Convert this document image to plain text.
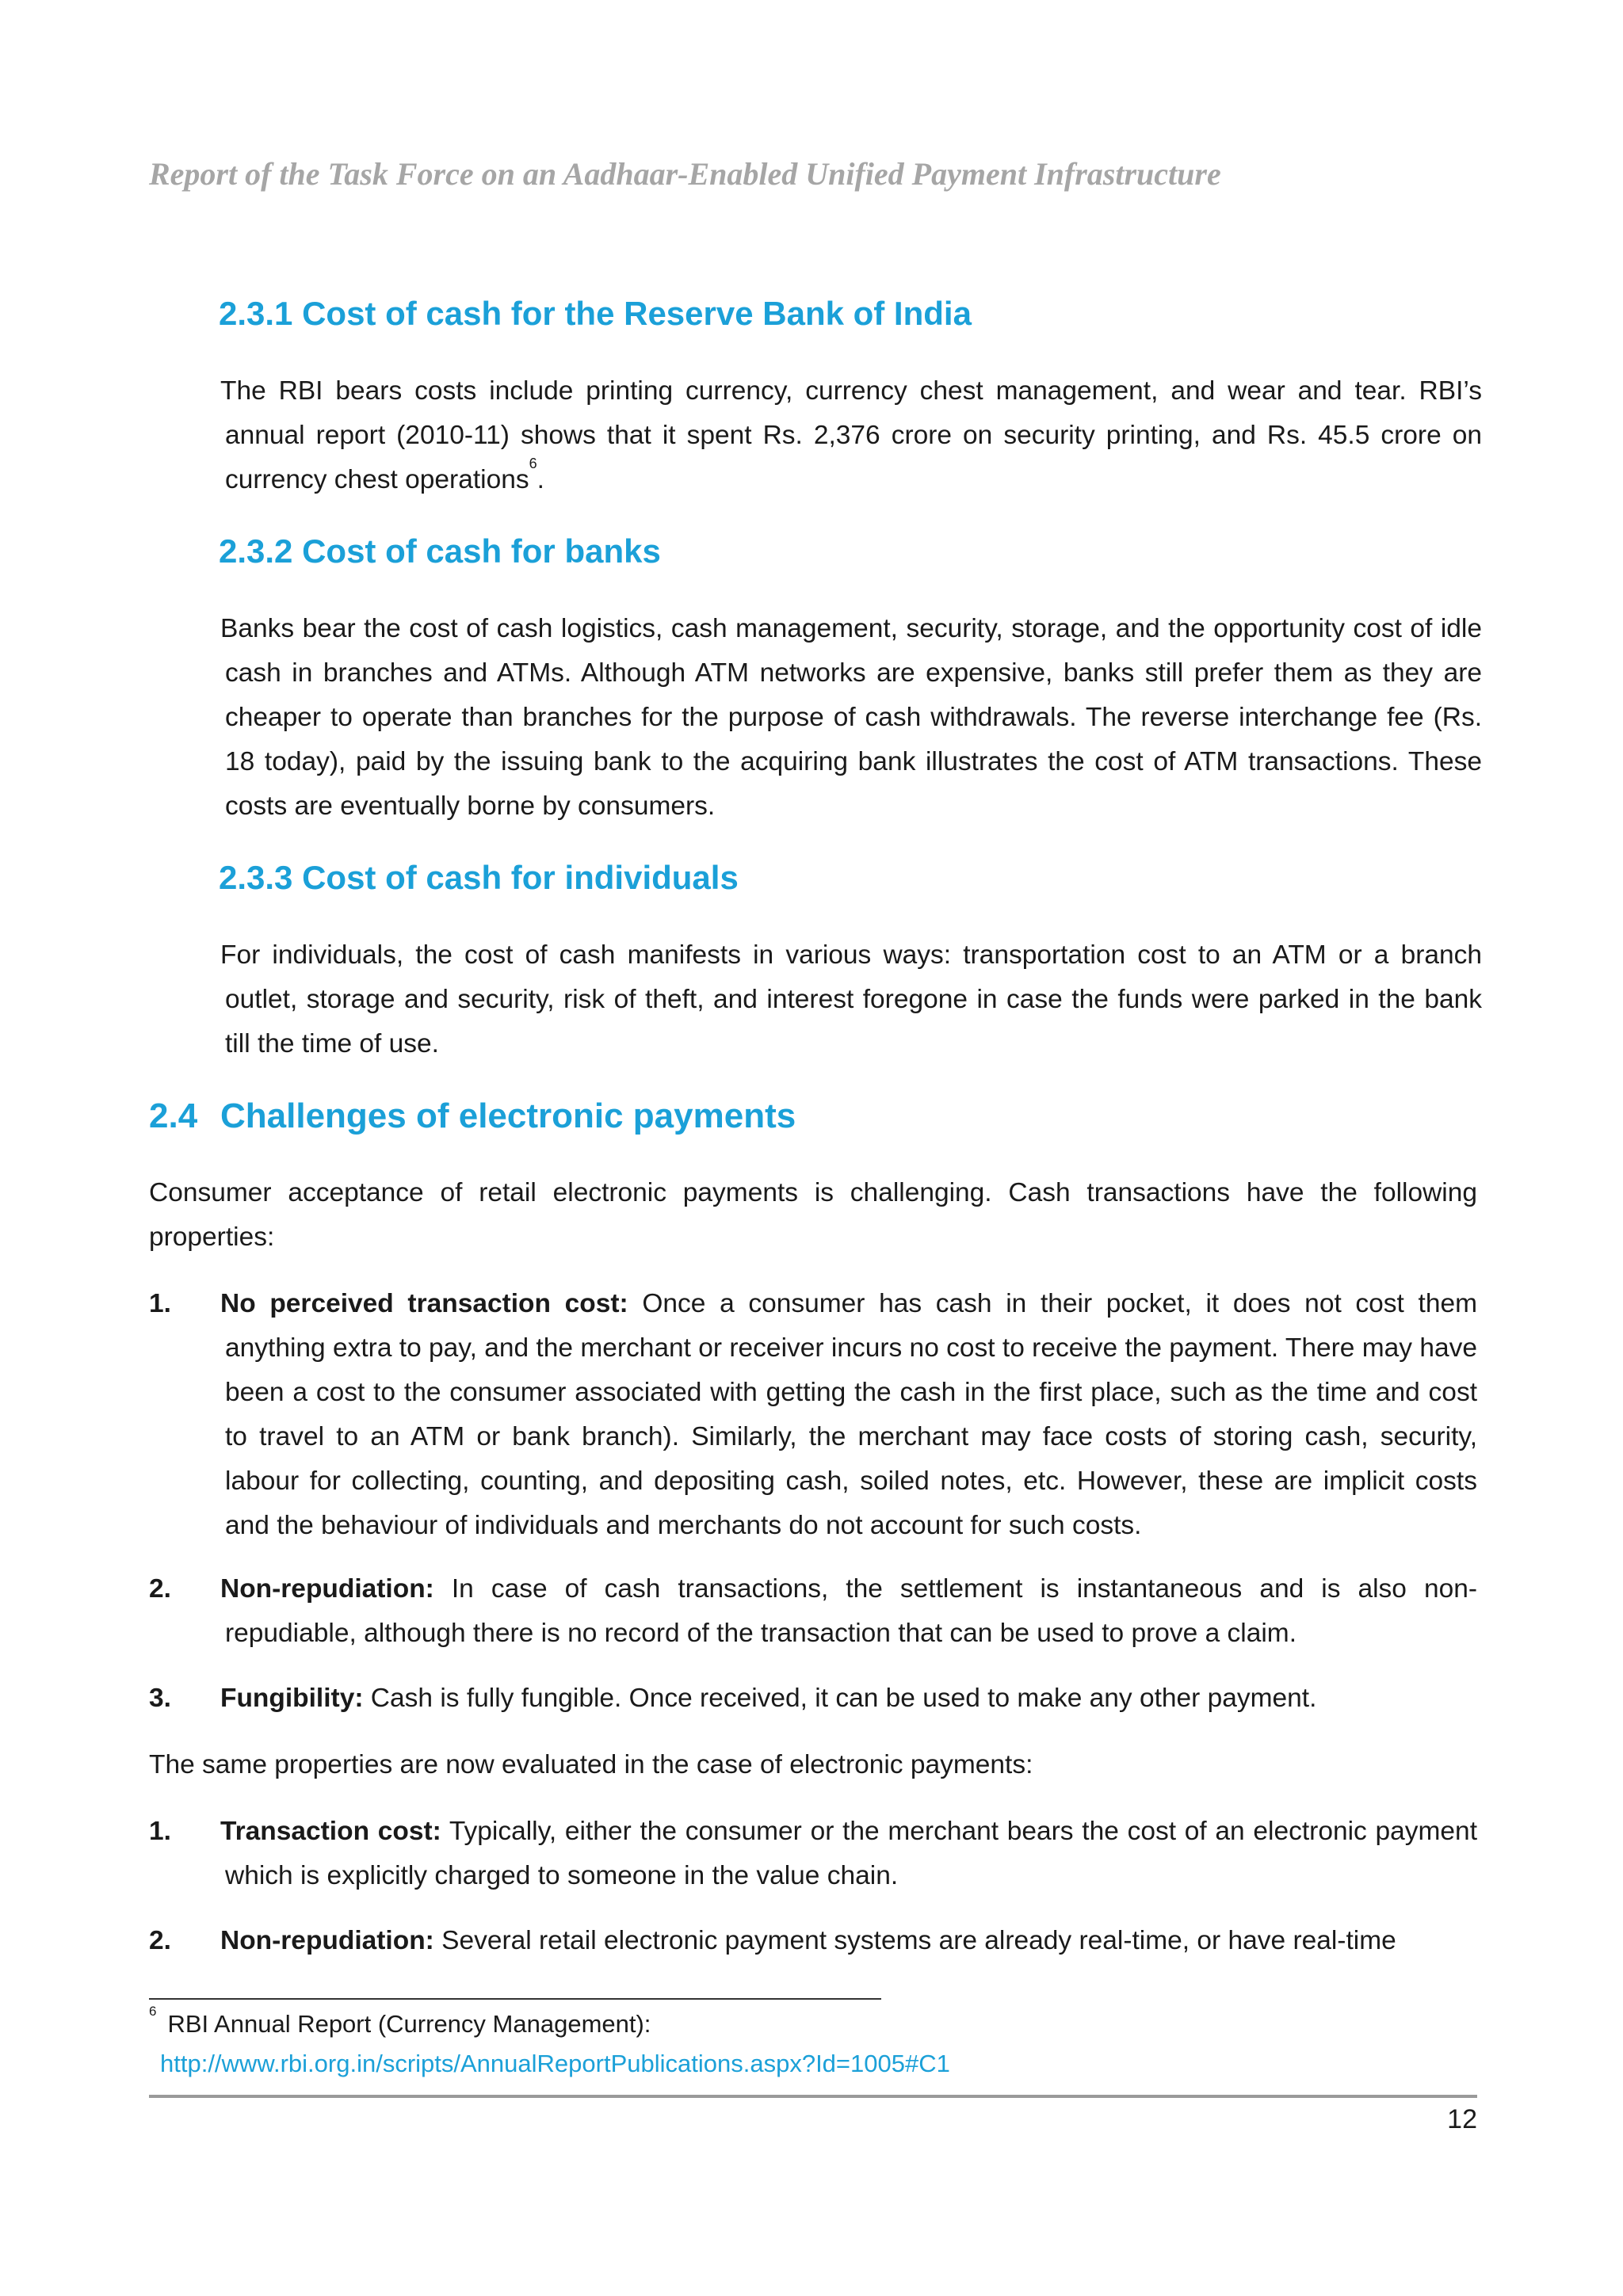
Report of the Task Force on an Aadhaar-Enabled Unified Payment Infrastructure
2.3.1 Cost of cash for the Reserve Bank of India
The RBI bears costs include printing currency, currency chest management, and wear and tear. RBI’s annual report (2010-11) shows that it spent Rs. 2,376 crore on security printing, and Rs. 45.5 crore on currency chest operations$^6$.
2.3.2 Cost of cash for banks
Banks bear the cost of cash logistics, cash management, security, storage, and the opportunity cost of idle cash in branches and ATMs. Although ATM networks are expensive, banks still prefer them as they are cheaper to operate than branches for the purpose of cash withdrawals. The reverse interchange fee (Rs. 18 today), paid by the issuing bank to the acquiring bank illustrates the cost of ATM transactions. These costs are eventually borne by consumers.
2.3.3 Cost of cash for individuals
For individuals, the cost of cash manifests in various ways: transportation cost to an ATM or a branch outlet, storage and security, risk of theft, and interest foregone in case the funds were parked in the bank till the time of use.
2.4 Challenges of electronic payments
Consumer acceptance of retail electronic payments is challenging. Cash transactions have the following properties:
1. No perceived transaction cost: Once a consumer has cash in their pocket, it does not cost them anything extra to pay, and the merchant or receiver incurs no cost to receive the payment. There may have been a cost to the consumer associated with getting the cash in the first place, such as the time and cost to travel to an ATM or bank branch). Similarly, the merchant may face costs of storing cash, security, labour for collecting, counting, and depositing cash, soiled notes, etc. However, these are implicit costs and the behaviour of individuals and merchants do not account for such costs.
2. Non-repudiation: In case of cash transactions, the settlement is instantaneous and is also non-repudiable, although there is no record of the transaction that can be used to prove a claim.
3. Fungibility: Cash is fully fungible. Once received, it can be used to make any other payment.
The same properties are now evaluated in the case of electronic payments:
1. Transaction cost: Typically, either the consumer or the merchant bears the cost of an electronic payment which is explicitly charged to someone in the value chain.
2. Non-repudiation: Several retail electronic payment systems are already real-time, or have real-time
$^6$ RBI Annual Report (Currency Management):
http://www.rbi.org.in/scripts/AnnualReportPublications.aspx?Id=1005#C1
12
